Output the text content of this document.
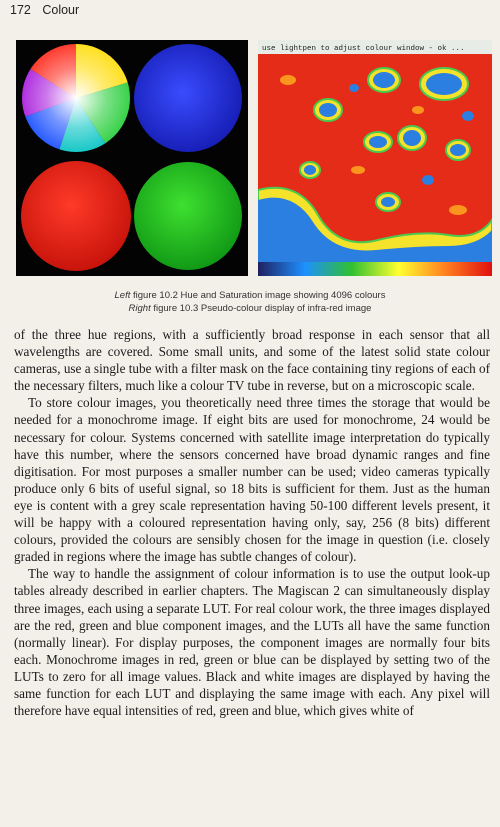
172 Colour
use lightpen to adjust colour window - ok ...
Left figure 10.2 Hue and Saturation image showing 4096 colours
Right figure 10.3 Pseudo-colour display of infra-red image

of the three hue regions, with a sufficiently broad response in each sensor that all wavelengths are covered. Some small units, and some of the latest solid state colour cameras, use a single tube with a filter mask on the face containing tiny regions of each of the necessary filters, much like a colour TV tube in reverse, but on a microscopic scale.

To store colour images, you theoretically need three times the storage that would be needed for a monochrome image. If eight bits are used for monochrome, 24 would be necessary for colour. Systems concerned with satellite image interpretation do typically have this number, where the sensors concerned have broad dynamic ranges and fine digitisation. For most purposes a smaller number can be used; video cameras typically produce only 6 bits of useful signal, so 18 bits is sufficient for them. Just as the human eye is content with a grey scale representation having 50-100 different levels present, it will be happy with a coloured representation having only, say, 256 (8 bits) different colours, provided the colours are sensibly chosen for the image in question (i.e. closely graded in regions where the image has subtle changes of colour).

The way to handle the assignment of colour information is to use the output look-up tables already described in earlier chapters. The Magiscan 2 can simultaneously display three images, each using a separate LUT. For real colour work, the three images displayed are the red, green and blue component images, and the LUTs all have the same function (normally linear). For display purposes, the component images are normally four bits each. Monochrome images in red, green or blue can be displayed by setting two of the LUTs to zero for all image values. Black and white images are displayed by having the same function for each LUT and displaying the same image with each. Any pixel will therefore have equal intensities of red, green and blue, which gives white of
